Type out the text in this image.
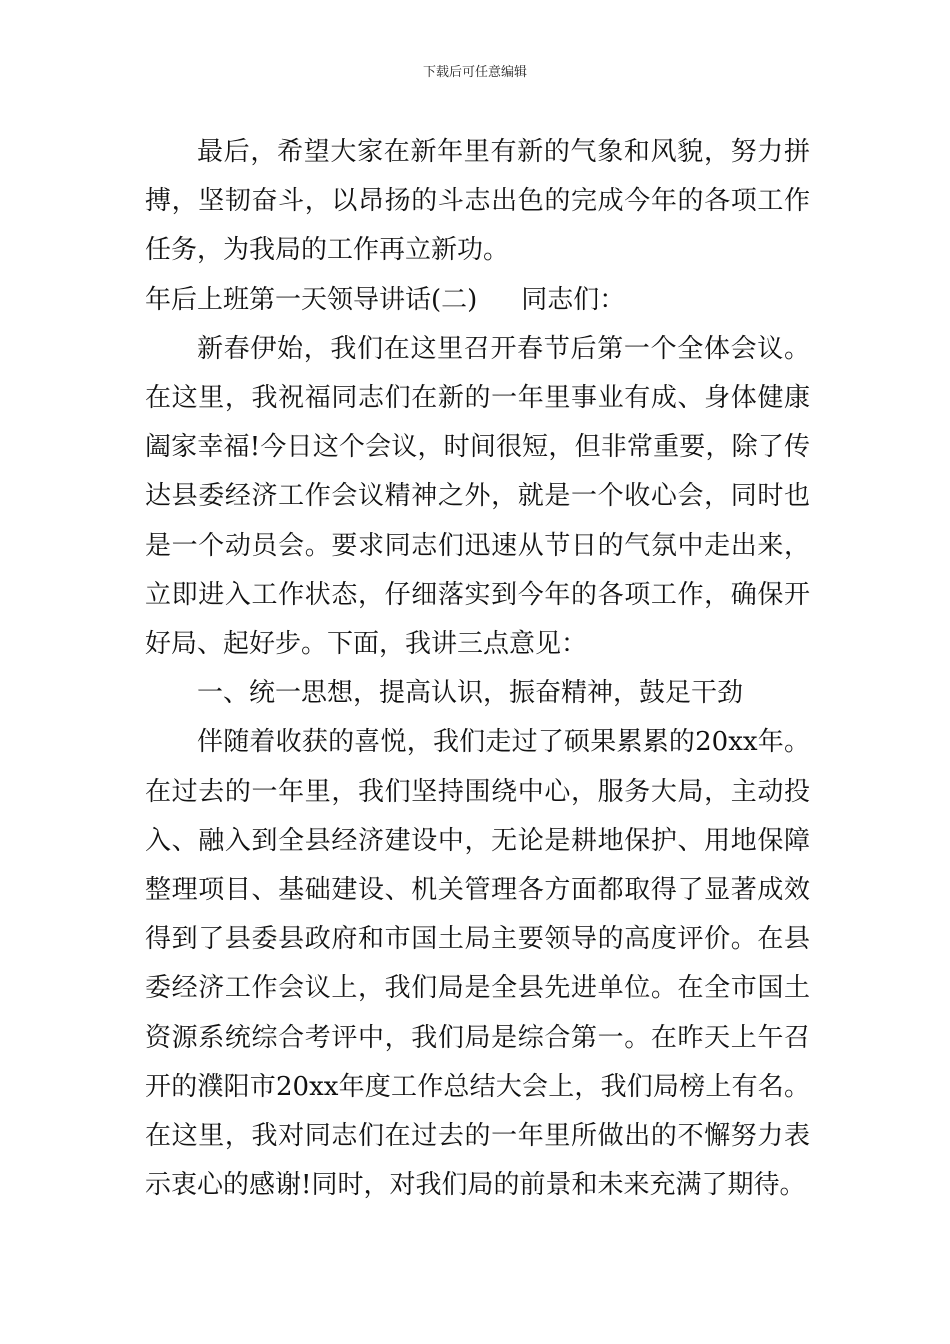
下载后可任意编辑

最后，希望大家在新年里有新的气象和风貌，努力拼搏，坚韧奋斗，以昂扬的斗志出色的完成今年的各项工作任务，为我局的工作再立新功。

年后上班第一天领导讲话(二) 同志们：

新春伊始，我们在这里召开春节后第一个全体会议。在这里，我祝福同志们在新的一年里事业有成、身体健康阖家幸福!今日这个会议，时间很短，但非常重要，除了传达县委经济工作会议精神之外，就是一个收心会，同时也是一个动员会。要求同志们迅速从节日的气氛中走出来，立即进入工作状态，仔细落实到今年的各项工作，确保开好局、起好步。下面，我讲三点意见：

一、统一思想，提高认识，振奋精神，鼓足干劲

伴随着收获的喜悦，我们走过了硕果累累的20xx年。在过去的一年里，我们坚持围绕中心，服务大局，主动投入、融入到全县经济建设中，无论是耕地保护、用地保障整理项目、基础建设、机关管理各方面都取得了显著成效得到了县委县政府和市国土局主要领导的高度评价。在县委经济工作会议上，我们局是全县先进单位。在全市国土资源系统综合考评中，我们局是综合第一。在昨天上午召开的濮阳市20xx年度工作总结大会上，我们局榜上有名。在这里，我对同志们在过去的一年里所做出的不懈努力表示衷心的感谢!同时，对我们局的前景和未来充满了期待。
